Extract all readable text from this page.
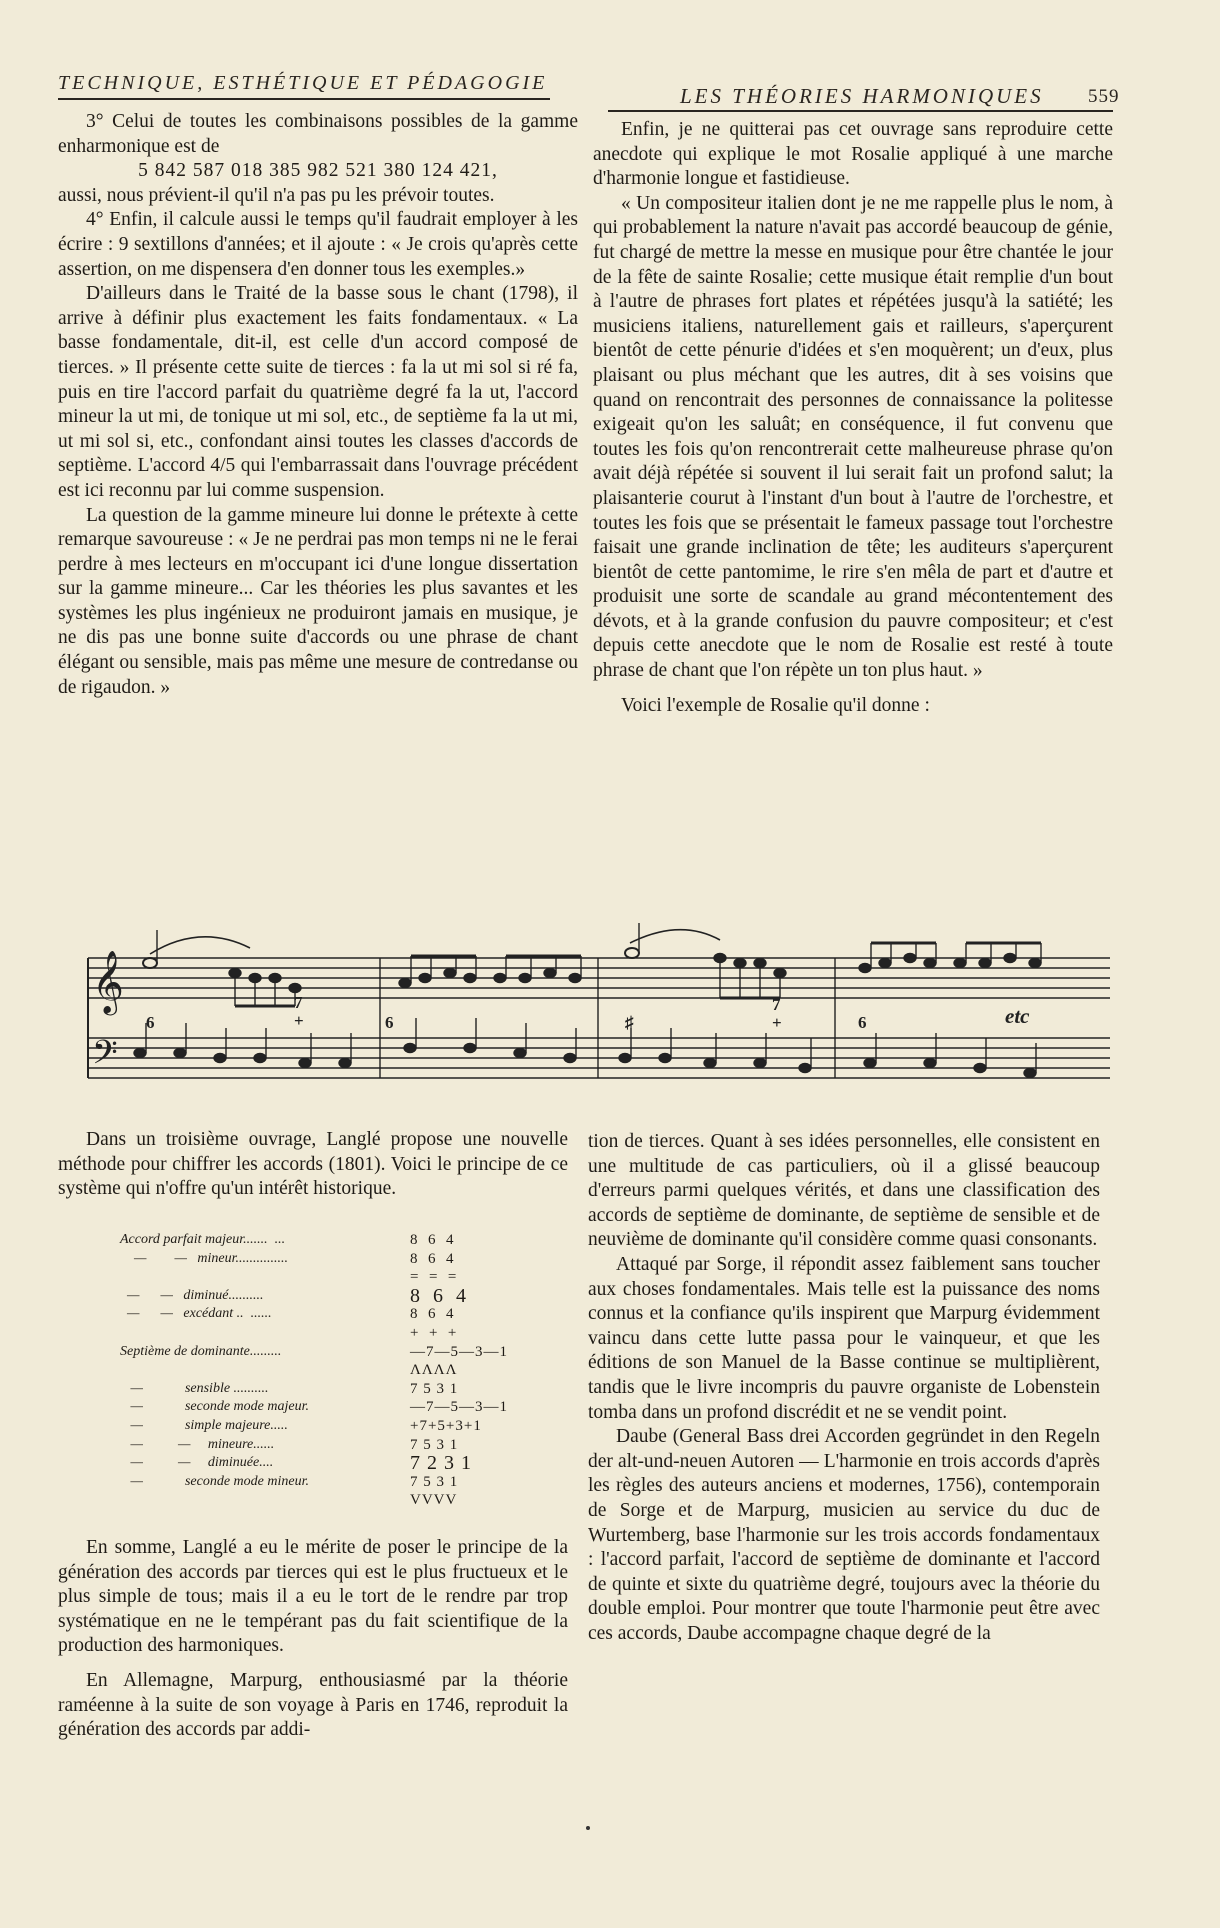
TECHNIQUE, ESTHÉTIQUE ET PÉDAGOGIE
LES THÉORIES HARMONIQUES 559

3° Celui de toutes les combinaisons possibles de la gamme enharmonique est de

5 842 587 018 385 982 521 380 124 421,

aussi, nous prévient-il qu'il n'a pas pu les prévoir toutes.

4° Enfin, il calcule aussi le temps qu'il faudrait employer à les écrire : 9 sextillons d'années; et il ajoute : « Je crois qu'après cette assertion, on me dispensera d'en donner tous les exemples.»

D'ailleurs dans le Traité de la basse sous le chant (1798), il arrive à définir plus exactement les faits fondamentaux. « La basse fondamentale, dit-il, est celle d'un accord composé de tierces. » Il présente cette suite de tierces : fa la ut mi sol si ré fa, puis en tire l'accord parfait du quatrième degré fa la ut, l'accord mineur la ut mi, de tonique ut mi sol, etc., de septième fa la ut mi, ut mi sol si, etc., confondant ainsi toutes les classes d'accords de septième. L'accord 4/5 qui l'embarrassait dans l'ouvrage précédent est ici reconnu par lui comme suspension.

La question de la gamme mineure lui donne le prétexte à cette remarque savoureuse : « Je ne perdrai pas mon temps ni ne le ferai perdre à mes lecteurs en m'occupant ici d'une longue dissertation sur la gamme mineure... Car les théories les plus savantes et les systèmes les plus ingénieux ne produiront jamais en musique, je ne dis pas une bonne suite d'accords ou une phrase de chant élégant ou sensible, mais pas même une mesure de contredanse ou de rigaudon. »

Enfin, je ne quitterai pas cet ouvrage sans reproduire cette anecdote qui explique le mot Rosalie appliqué à une marche d'harmonie longue et fastidieuse.

« Un compositeur italien dont je ne me rappelle plus le nom, à qui probablement la nature n'avait pas accordé beaucoup de génie, fut chargé de mettre la messe en musique pour être chantée le jour de la fête de sainte Rosalie; cette musique était remplie d'un bout à l'autre de phrases fort plates et répétées jusqu'à la satiété; les musiciens italiens, naturellement gais et railleurs, s'aperçurent bientôt de cette pénurie d'idées et s'en moquèrent; un d'eux, plus plaisant ou plus méchant que les autres, dit à ses voisins que quand on rencontrait des personnes de connaissance la politesse exigeait qu'on les saluât; en conséquence, il fut convenu que toutes les fois qu'on rencontrerait cette malheureuse phrase qu'on avait déjà répétée si souvent il lui serait fait un profond salut; la plaisanterie courut à l'instant d'un bout à l'autre de l'orchestre, et toutes les fois que se présentait le fameux passage tout l'orchestre faisait une grande inclination de tête; les auditeurs s'aperçurent bientôt de cette pantomime, le rire s'en mêla de part et d'autre et produisit une sorte de scandale au grand mécontentement des dévots, et à la grande confusion du pauvre compositeur; et c'est depuis cette anecdote que le nom de Rosalie est resté à toute phrase de chant que l'on répète un ton plus haut. »

Voici l'exemple de Rosalie qu'il donne :

𝄞
𝄢
6
7
+	6	♯
7
+	6	etc

Dans un troisième ouvrage, Langlé propose une nouvelle méthode pour chiffrer les accords (1801). Voici le principe de ce système qui n'offre qu'un intérêt historique.

Accord parfait majeur.......  ...	8  6  4
—        —   mineur...............	8  6  4
=  =  =
—      —   diminué..........	8  6  4
—      —   excédant ..  ......	8  6  4
+  +  +
Septième de dominante.........	—7—5—3—1
ΛΛΛΛ
—            sensible ..........	7 5 3 1
—            seconde mode majeur.	—7—5—3—1
—            simple majeure.....	+7+5+3+1
—          —     mineure......	7 5 3 1
—          —     diminuée....	7 2 3 1
—            seconde mode mineur.	7 5 3 1
VVVV

En somme, Langlé a eu le mérite de poser le principe de la génération des accords par tierces qui est le plus fructueux et le plus simple de tous; mais il a eu le tort de le rendre par trop systématique en ne le tempérant pas du fait scientifique de la production des harmoniques.

En Allemagne, Marpurg, enthousiasmé par la théorie raméenne à la suite de son voyage à Paris en 1746, reproduit la génération des accords par addi-

tion de tierces. Quant à ses idées personnelles, elle consistent en une multitude de cas particuliers, où il a glissé beaucoup d'erreurs parmi quelques vérités, et dans une classification des accords de septième de dominante, de septième de sensible et de neuvième de dominante qu'il considère comme quasi consonants.

Attaqué par Sorge, il répondit assez faiblement sans toucher aux choses fondamentales. Mais telle est la puissance des noms connus et la confiance qu'ils inspirent que Marpurg évidemment vaincu dans cette lutte passa pour le vainqueur, et que les éditions de son Manuel de la Basse continue se multiplièrent, tandis que le livre incompris du pauvre organiste de Lobenstein tomba dans un profond discrédit et ne se vendit point.

Daube (General Bass drei Accorden gegründet in den Regeln der alt-und-neuen Autoren — L'harmonie en trois accords d'après les règles des auteurs anciens et modernes, 1756), contemporain de Sorge et de Marpurg, musicien au service du duc de Wurtemberg, base l'harmonie sur les trois accords fondamentaux : l'accord parfait, l'accord de septième de dominante et l'accord de quinte et sixte du quatrième degré, toujours avec la théorie du double emploi. Pour montrer que toute l'harmonie peut être avec ces accords, Daube accompagne chaque degré de la
